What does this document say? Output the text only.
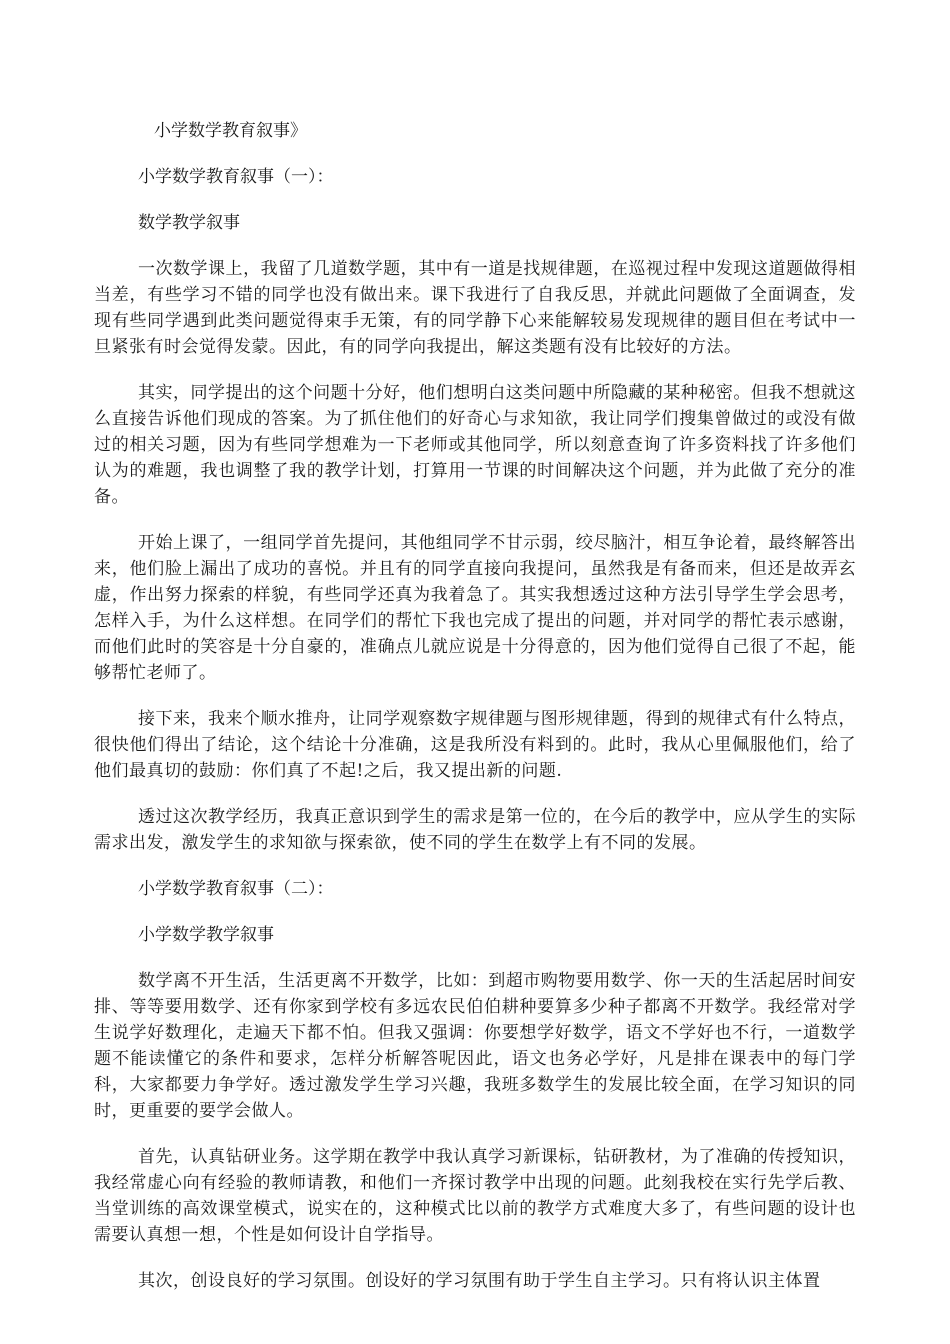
小学数学教育叙事》

小学数学教育叙事（一）：

数学教学叙事

一次数学课上，我留了几道数学题，其中有一道是找规律题，在巡视过程中发现这道题做得相当差，有些学习不错的同学也没有做出来。课下我进行了自我反思，并就此问题做了全面调查，发现有些同学遇到此类问题觉得束手无策，有的同学静下心来能解较易发现规律的题目但在考试中一旦紧张有时会觉得发蒙。因此，有的同学向我提出，解这类题有没有比较好的方法。

其实，同学提出的这个问题十分好，他们想明白这类问题中所隐藏的某种秘密。但我不想就这么直接告诉他们现成的答案。为了抓住他们的好奇心与求知欲，我让同学们搜集曾做过的或没有做过的相关习题，因为有些同学想难为一下老师或其他同学，所以刻意查询了许多资料找了许多他们认为的难题，我也调整了我的教学计划，打算用一节课的时间解决这个问题，并为此做了充分的准备。

开始上课了，一组同学首先提问，其他组同学不甘示弱，绞尽脑汁，相互争论着，最终解答出来，他们脸上漏出了成功的喜悦。并且有的同学直接向我提问，虽然我是有备而来，但还是故弄玄虚，作出努力探索的样貌，有些同学还真为我着急了。其实我想透过这种方法引导学生学会思考，怎样入手，为什么这样想。在同学们的帮忙下我也完成了提出的问题，并对同学的帮忙表示感谢，而他们此时的笑容是十分自豪的，准确点儿就应说是十分得意的，因为他们觉得自己很了不起，能够帮忙老师了。

接下来，我来个顺水推舟，让同学观察数字规律题与图形规律题，得到的规律式有什么特点，很快他们得出了结论，这个结论十分准确，这是我所没有料到的。此时，我从心里佩服他们，给了他们最真切的鼓励：你们真了不起!之后，我又提出新的问题.

透过这次教学经历，我真正意识到学生的需求是第一位的，在今后的教学中，应从学生的实际需求出发，激发学生的求知欲与探索欲，使不同的学生在数学上有不同的发展。

小学数学教育叙事（二）：

小学数学教学叙事

数学离不开生活，生活更离不开数学，比如：到超市购物要用数学、你一天的生活起居时间安排、等等要用数学、还有你家到学校有多远农民伯伯耕种要算多少种子都离不开数学。我经常对学生说学好数理化，走遍天下都不怕。但我又强调：你要想学好数学，语文不学好也不行，一道数学题不能读懂它的条件和要求，怎样分析解答呢因此，语文也务必学好，凡是排在课表中的每门学科，大家都要力争学好。透过激发学生学习兴趣，我班多数学生的发展比较全面，在学习知识的同时，更重要的要学会做人。

首先，认真钻研业务。这学期在教学中我认真学习新课标，钻研教材，为了准确的传授知识，我经常虚心向有经验的教师请教，和他们一齐探讨教学中出现的问题。此刻我校在实行先学后教、当堂训练的高效课堂模式，说实在的，这种模式比以前的教学方式难度大多了，有些问题的设计也需要认真想一想，个性是如何设计自学指导。

其次，创设良好的学习氛围。创设好的学习氛围有助于学生自主学习。只有将认识主体置
